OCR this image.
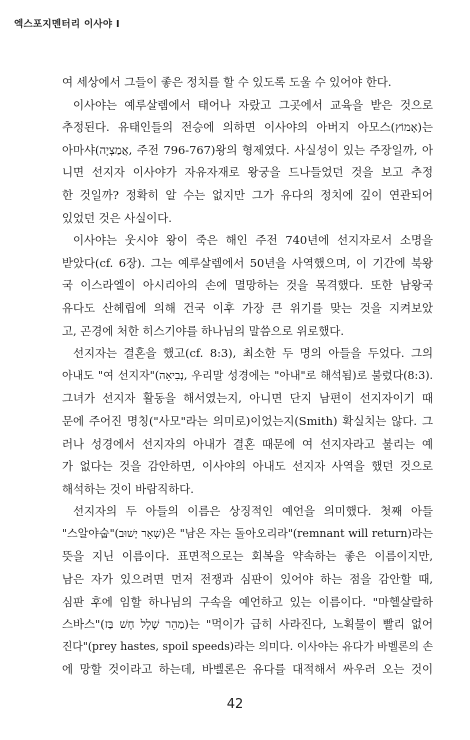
엑스포지멘터리 이사야 I
여 세상에서 그들이 좋은 정치를 할 수 있도록 도울 수 있어야 한다.
이사야는 예루살렘에서 태어나 자랐고 그곳에서 교육을 받은 것으로
추정된다. 유태인들의 전승에 의하면 이사야의 아버지 아모스(אָמוֹץ)는
아마샤(אֲמַצְיָה, 주전 796-767)왕의 형제였다. 사실성이 있는 주장일까, 아
니면 선지자 이사야가 자유자재로 왕궁을 드나들었던 것을 보고 추정
한 것일까? 정확히 알 수는 없지만 그가 유다의 정치에 깊이 연관되어
있었던 것은 사실이다.
이사야는 웃시야 왕이 죽은 해인 주전 740년에 선지자로서 소명을
받았다(cf. 6장). 그는 예루살렘에서 50년을 사역했으며, 이 기간에 북왕
국 이스라엘이 아시리아의 손에 멸망하는 것을 목격했다. 또한 남왕국
유다도 산헤립에 의해 건국 이후 가장 큰 위기를 맞는 것을 지켜보았
고, 곤경에 처한 히스기야를 하나님의 말씀으로 위로했다.
선지자는 결혼을 했고(cf. 8:3), 최소한 두 명의 아들을 두었다. 그의
아내도 "여 선지자"(נְבִיאָה, 우리말 성경에는 "아내"로 해석됨)로 불렸다(8:3).
그녀가 선지자 활동을 해서였는지, 아니면 단지 남편이 선지자이기 때
문에 주어진 명칭("사모"라는 의미로)이었는지(Smith) 확실치는 않다. 그
러나 성경에서 선지자의 아내가 결혼 때문에 여 선지자라고 불리는 예
가 없다는 것을 감안하면, 이사야의 아내도 선지자 사역을 했던 것으로
해석하는 것이 바람직하다.
선지자의 두 아들의 이름은 상징적인 예언을 의미했다. 첫째 아들
"스알야숩"(שְׁאָר יָשׁוּב)은 "남은 자는 돌아오리라"(remnant will return)라는
뜻을 지닌 이름이다. 표면적으로는 회복을 약속하는 좋은 이름이지만,
남은 자가 있으려면 먼저 전쟁과 심판이 있어야 하는 점을 감안할 때,
심판 후에 임할 하나님의 구속을 예언하고 있는 이름이다. "마헬살랄하
스바스"(מַהֵר שָׁלָל חָשׁ בַּז)는 "먹이가 급히 사라진다, 노획물이 빨리 없어
진다"(prey hastes, spoil speeds)라는 의미다. 이사야는 유다가 바벨론의 손
에 망할 것이라고 하는데, 바벨론은 유다를 대적해서 싸우러 오는 것이
42
